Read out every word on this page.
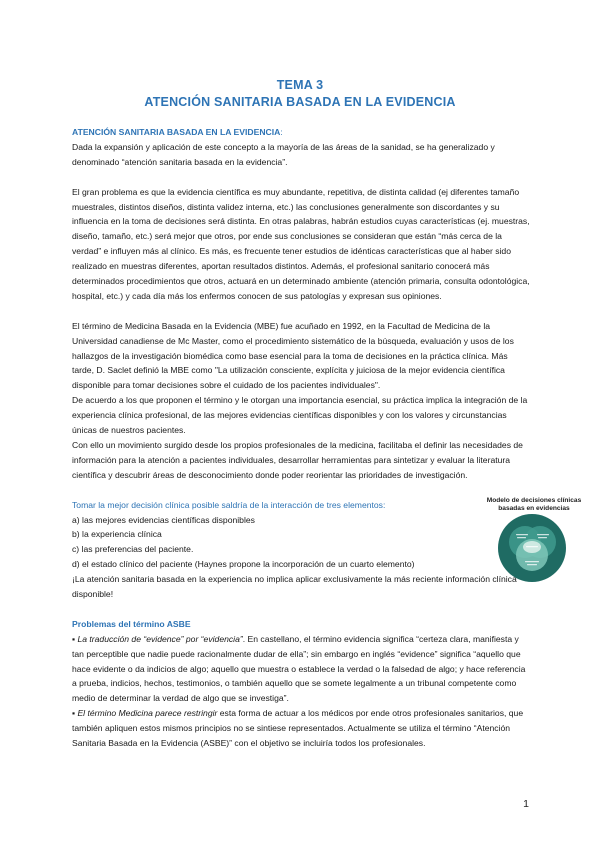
TEMA 3
ATENCIÓN SANITARIA BASADA EN LA EVIDENCIA

ATENCIÓN SANITARIA BASADA EN LA EVIDENCIA:
Dada la expansión y aplicación de este concepto a la mayoría de las áreas de la sanidad, se ha generalizado y denominado “atención sanitaria basada en la evidencia”.

El gran problema es que la evidencia científica es muy abundante, repetitiva, de distinta calidad (ej diferentes tamaño muestrales, distintos diseños, distinta validez interna, etc.) las conclusiones generalmente son discordantes y su influencia en la toma de decisiones será distinta. En otras palabras, habrán estudios cuyas características (ej. muestras, diseño, tamaño, etc.) será mejor que otros, por ende sus conclusiones se consideran que están “más cerca de la verdad” e influyen más al clínico. Es más, es frecuente tener estudios de idénticas características que al haber sido realizado en muestras diferentes, aportan resultados distintos. Además, el profesional sanitario conocerá más determinados procedimientos que otros, actuará en un determinado ambiente (atención primaria, consulta odontológica, hospital, etc.) y cada día más los enfermos conocen de sus patologías y expresan sus opiniones.

El término de Medicina Basada en la Evidencia (MBE) fue acuñado en 1992, en la Facultad de Medicina de la Universidad canadiense de Mc Master, como el procedimiento sistemático de la búsqueda, evaluación y usos de los hallazgos de la investigación biomédica como base esencial para la toma de decisiones en la práctica clínica. Más tarde, D. Saclet definió la MBE como "La utilización consciente, explícita y juiciosa de la mejor evidencia científica disponible para tomar decisiones sobre el cuidado de los pacientes individuales".

De acuerdo a los que proponen el término y le otorgan una importancia esencial, su práctica implica la integración de la experiencia clínica profesional, de las mejores evidencias científicas disponibles y con los valores y circunstancias únicas de nuestros pacientes.

Con ello un movimiento surgido desde los propios profesionales de la medicina, facilitaba el definir las necesidades de información para la atención a pacientes individuales, desarrollar herramientas para sintetizar y evaluar la literatura científica y descubrir áreas de desconocimiento donde poder reorientar las prioridades de investigación.

Tomar la mejor decisión clínica posible saldría de la interacción de tres elementos:

a) las mejores evidencias científicas disponibles

b) la experiencia clínica

c) las preferencias del paciente.

d) el estado clínico del paciente (Haynes propone la incorporación de un cuarto elemento)

¡La atención sanitaria basada en la experiencia no implica aplicar exclusivamente la más reciente información clínica disponible!

Problemas del término ASBE

▪ La traducción de “evidence” por “evidencia”. En castellano, el término evidencia significa “certeza clara, manifiesta y tan perceptible que nadie puede racionalmente dudar de ella”; sin embargo en inglés “evidence” significa “aquello que hace evidente o da indicios de algo; aquello que muestra o establece la verdad o la falsedad de algo; y hace referencia a prueba, indicios, hechos, testimonios, o también aquello que se somete legalmente a un tribunal competente como medio de determinar la verdad de algo que se investiga”.

▪ El término Medicina parece restringir esta forma de actuar a los médicos por ende otros profesionales sanitarios, que también apliquen estos mismos principios no se sintiese representados. Actualmente se utiliza el término “Atención Sanitaria Basada en la Evidencia (ASBE)” con el objetivo se incluiría todos los profesionales.

Modelo de decisiones clínicas
basadas en evidencias
1
